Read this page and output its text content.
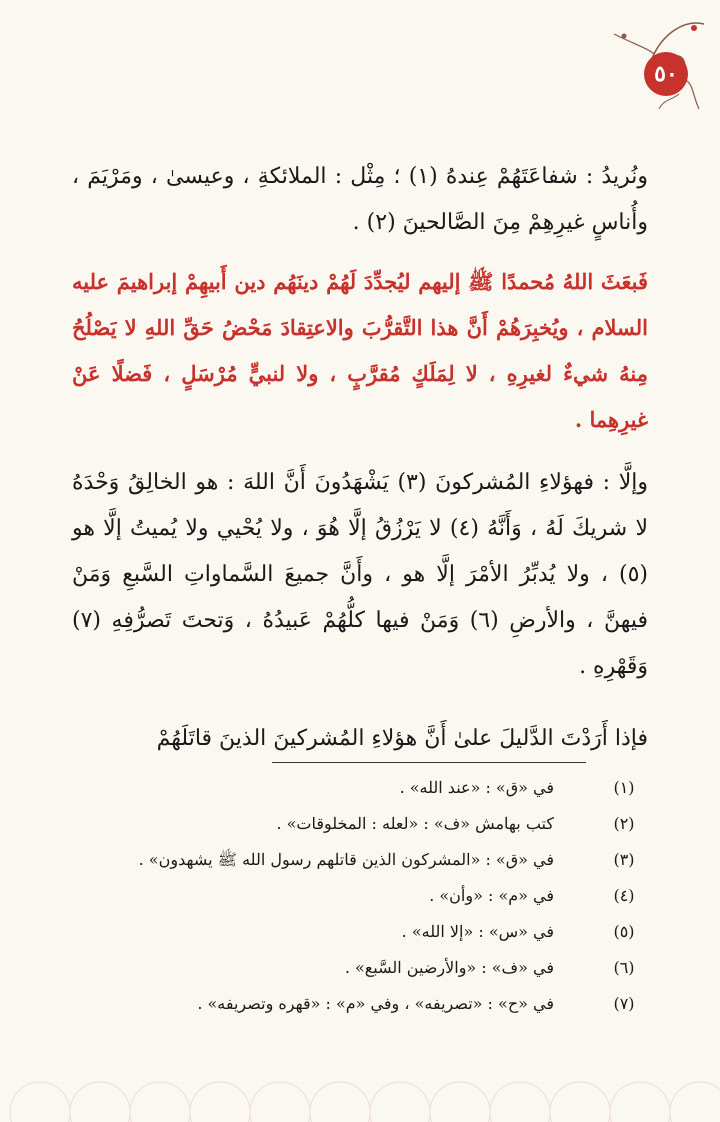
٥٠

ونُريدُ : شفاعَتَهُمْ عِندهُ (١) ؛ مِثْل : الملائكةِ ، وعيسىٰ ، ومَرْيَمَ ، وأُناسٍ غيرِهِمْ مِنَ الصَّالحينَ (٢) .

فَبعَثَ اللهُ مُحمدًا ﷺ إليهم ليُجدِّدَ لَهُمْ دينَهُم دين أَبيهِمْ إبراهيمَ عليه السلام ، ويُخبِرَهُمْ أَنَّ هذا التَّقرُّبَ والاعتِقادَ مَحْضُ حَقِّ اللهِ لا يَصْلُحُ مِنهُ شيءٌ لغيرِهِ ، لا لِمَلَكٍ مُقرَّبٍ ، ولا لنبيٍّ مُرْسَلٍ ، فَضلًا عَنْ غيرِهِما .

وإلَّا : فهؤلاءِ المُشركونَ (٣) يَشْهَدُونَ أَنَّ اللهَ : هو الخالِقُ وَحْدَهُ لا شريكَ لَهُ ، وَأَنَّهُ (٤) لا يَرْزُقُ إلَّا هُوَ ، ولا يُحْيي ولا يُميتُ إلَّا هو (٥) ، ولا يُدبِّرُ الأمْرَ إلَّا هو ، وأَنَّ جميعَ السَّماواتِ السَّبعِ وَمَنْ فيهنَّ ، والأرضِ (٦) وَمَنْ فيها كلُّهُمْ عَبيدُهُ ، وَتحتَ تَصرُّفِهِ (٧) وَقَهْرِهِ .

فإذا أَرَدْتَ الدَّليلَ علىٰ أَنَّ هؤلاءِ المُشركينَ الذينَ قاتَلَهُمْ

(١)
في «ق» : «عند الله» .
(٢)
كتب بهامش «ف» : «لعله : المخلوقات» .
(٣)
في «ق» : «المشركون الذين قاتلهم رسول الله ﷺ يشهدون» .
(٤)
في «م» : «وأن» .
(٥)
في «س» : «إلا الله» .
(٦)
في «ف» : «والأرضين السَّبع» .
(٧)
في «ح» : «تصريفه» ، وفي «م» : «قهره وتصريفه» .
